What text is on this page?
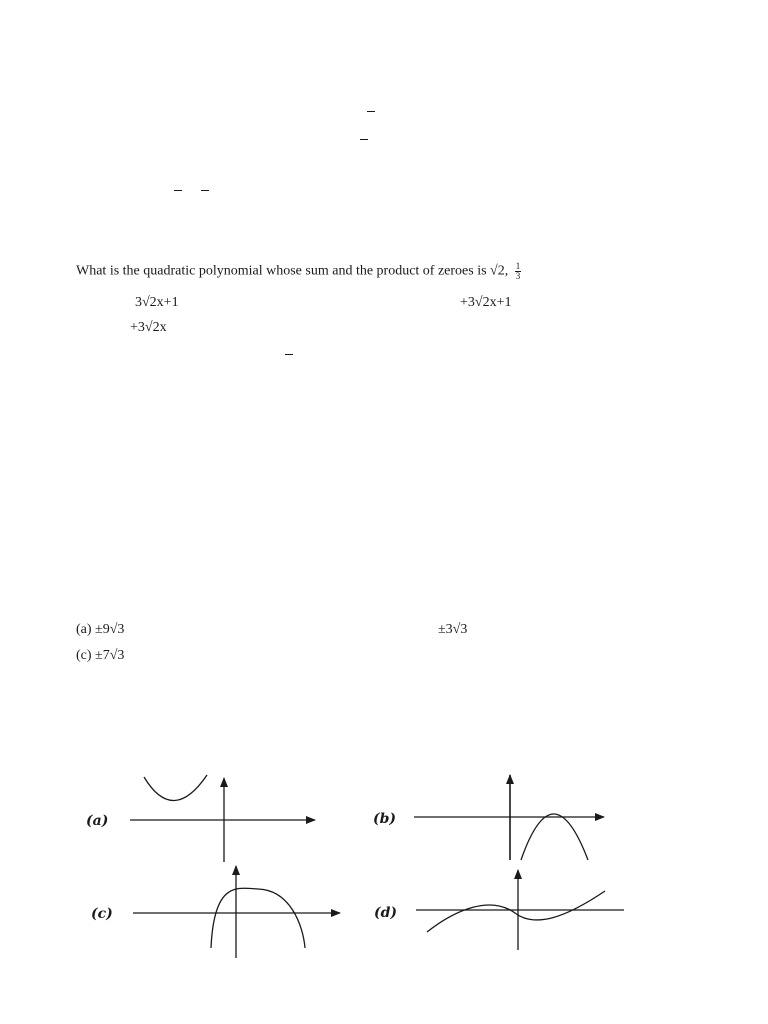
What is the quadratic polynomial whose sum and the product of zeroes is √2, $\frac{1}{3}$
3√2x+1	+3√2x+1
+3√2x
(a) ±9√3	±3√3
(c) ±7√3
(a)	(b)
(c)	(d)
